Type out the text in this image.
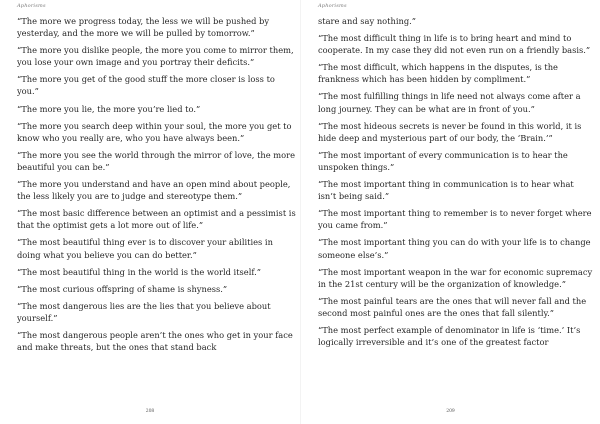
Aphorisms

“The more we progress today, the less we will be pushed by yesterday, and the more we will be pulled by tomorrow.”

“The more you dislike people, the more you come to mirror them, you lose your own image and you portray their deficits.”

“The more you get of the good stuff the more closer is loss to you.”

“The more you lie, the more you’re lied to.”

“The more you search deep within your soul, the more you get to know who you really are, who you have always been.”

“The more you see the world through the mirror of love, the more beautiful you can be.”

“The more you understand and have an open mind about people, the less likely you are to judge and stereotype them.”

“The most basic difference between an optimist and a pessimist is that the optimist gets a lot more out of life.”

“The most beautiful thing ever is to discover your abilities in doing what you believe you can do better.”

“The most beautiful thing in the world is the world itself.”

“The most curious offspring of shame is shyness.”

“The most dangerous lies are the lies that you believe about yourself.”

“The most dangerous people aren’t the ones who get in your face and make threats, but the ones that stand back

208
Aphorisms

stare and say nothing.”

“The most difficult thing in life is to bring heart and mind to cooperate. In my case they did not even run on a friendly basis.”

“The most difficult, which happens in the disputes, is the frankness which has been hidden by compliment.”

“The most fulfilling things in life need not always come after a long journey. They can be what are in front of you.”

“The most hideous secrets is never be found in this world, it is hide deep and mysterious part of our body, the ‘Brain.’”

“The most important of every communication is to hear the unspoken things.”

“The most important thing in communication is to hear what isn’t being said.”

“The most important thing to remember is to never forget where you came from.”

“The most important thing you can do with your life is to change someone else’s.”

“The most important weapon in the war for economic supremacy in the 21st century will be the organization of knowledge.”

“The most painful tears are the ones that will never fall and the second most painful ones are the ones that fall silently.”

“The most perfect example of denominator in life is ‘time.’ It’s logically irreversible and it’s one of the greatest factor

209
